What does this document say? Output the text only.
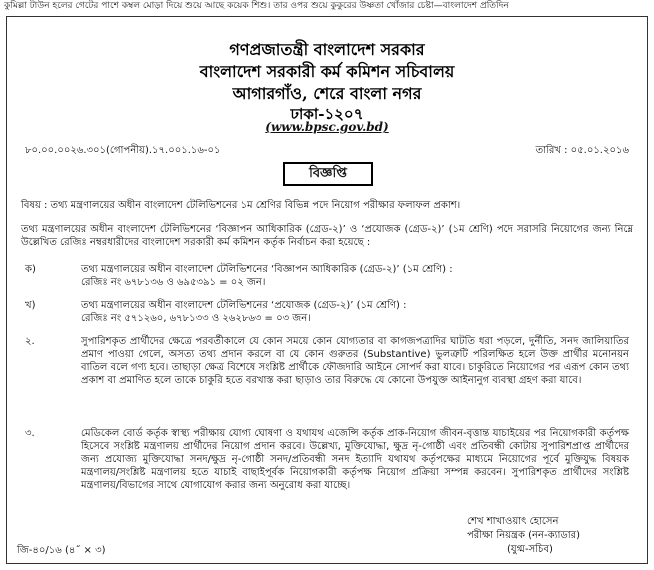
কুমিল্লা টাউন হলের গেটের পাশে কম্বল মোড়া দিয়ে শুয়ে আছে কয়েক শিশু। তার ওপর শুয়ে কুকুরের উষ্ণতা খোঁজার চেষ্টা—বাংলাদেশ প্রতিদিন
গণপ্রজাতন্ত্রী বাংলাদেশ সরকার
বাংলাদেশ সরকারী কর্ম কমিশন সচিবালয়
আগারগাঁও, শেরে বাংলা নগর
ঢাকা-১২০৭
(www.bpsc.gov.bd)
৮০.০০.০০২৬.৩০১(গোপনীয়).১৭.০০১.১৬-০১	তারিখ : ০৫.০১.২০১৬
বিজ্ঞপ্তি
বিষয় : তথ্য মন্ত্রণালয়ের অধীন বাংলাদেশ টেলিভিশনের ১ম শ্রেণির বিভিন্ন পদে নিয়োগ পরীক্ষার ফলাফল প্রকাশ।
তথ্য মন্ত্রণালয়ের অধীন বাংলাদেশ টেলিভিশনের ‘বিজ্ঞাপন আধিকারিক (গ্রেড-২)’ ও ‘প্রযোজক (গ্রেড-২)’ (১ম শ্রেণি) পদে সরাসরি নিয়োগের জন্য নিম্নে উল্লেখিত রেজিঃ নম্বরধারীদের বাংলাদেশ সরকারী কর্ম কমিশন কর্তৃক নির্বাচন করা হয়েছে :
ক)	তথ্য মন্ত্রণালয়ের অধীন বাংলাদেশ টেলিভিশনের ‘বিজ্ঞাপন আধিকারিক (গ্রেড-২)’ (১ম শ্রেণি) :
রেজিঃ নং ৬৭৮১৩৬ ও ৬৯৫৩৯১ = ০২ জন।
খ)	তথ্য মন্ত্রণালয়ের অধীন বাংলাদেশ টেলিভিশনের ‘প্রযোজক (গ্রেড-২)’ (১ম শ্রেণি) :
রেজিঃ নং ৫৭১২৬০, ৬৭৮১৩৩ ও ২৬২৮৬৩ = ০৩ জন।
২.	সুপারিশকৃত প্রার্থীদের ক্ষেত্রে পরবর্তীকালে যে কোন সময়ে কোন যোগ্যতার বা কাগজপত্রাদির ঘাটতি ধরা পড়লে, দুর্নীতি, সনদ জালিয়াতির প্রমাণ পাওয়া গেলে, অসত্য তথ্য প্রদান করলে বা যে কোন গুরুতর (Substantive) ভুলত্রুটি পরিলক্ষিত হলে উক্ত প্রার্থীর মনোনয়ন বাতিল বলে গণ্য হবে। তাছাড়া ক্ষেত্র বিশেষে সংশ্লিষ্ট প্রার্থীকে ফৌজদারি আইনে সোপর্দ করা যাবে। চাকুরিতে নিয়োগের পর এরূপ কোন তথ্য প্রকাশ বা প্রমাণিত হলে তাকে চাকুরি হতে বরখাস্ত করা ছাড়াও তার বিরুদ্ধে যে কোনো উপযুক্ত আইনানুগ ব্যবস্থা গ্রহণ করা যাবে।
৩.	মেডিকেল বোর্ড কর্তৃক স্বাস্থ্য পরীক্ষায় যোগ্য ঘোষণা ও যথাযথ এজেন্সি কর্তৃক প্রাক-নিয়োগ জীবন-বৃত্তান্ত যাচাইয়ের পর নিয়োগকারী কর্তৃপক্ষ হিসেবে সংশ্লিষ্ট মন্ত্রণালয় প্রার্থীদের নিয়োগ প্রদান করবে। উল্লেখ্য, মুক্তিযোদ্ধা, ক্ষুদ্র নৃ-গোষ্ঠী এবং প্রতিবন্ধী কোটায় সুপারিশপ্রাপ্ত প্রার্থীদের জন্য প্রযোজ্য মুক্তিযোদ্ধা সনদ/ক্ষুদ্র নৃ-গোষ্ঠী সনদ/প্রতিবন্ধী সনদ ইত্যাদি যথাযথ কর্তৃপক্ষের মাধ্যমে নিয়োগের পূর্বে মুক্তিযুদ্ধ বিষয়ক মন্ত্রণালয়/সংশ্লিষ্ট মন্ত্রণালয় হতে যাচাই বাছাইপূর্বক নিয়োগকারী কর্তৃপক্ষ নিয়োগ প্রক্রিয়া সম্পন্ন করবেন। সুপারিশকৃত প্রার্থীদের সংশ্লিষ্ট মন্ত্রণালয়/বিভাগের সাথে যোগাযোগ করার জন্য অনুরোধ করা যাচ্ছে।
শেখ শাখাওয়াৎ হোসেন
পরীক্ষা নিয়ন্ত্রক (নন-ক্যাডার)
(যুগ্ম-সচিব)
জি-৪০/১৬ (৪˝ × ৩)
